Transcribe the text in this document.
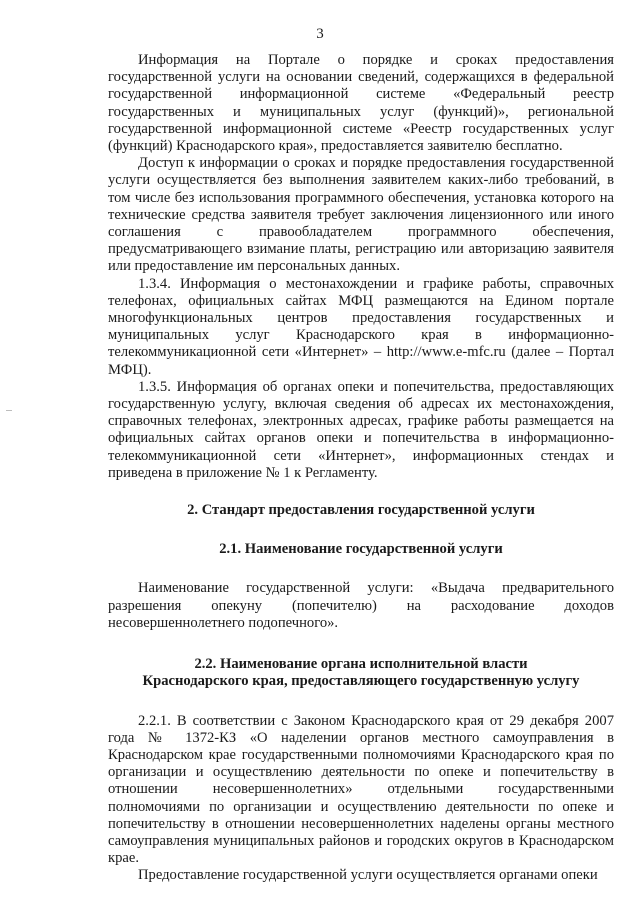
3

Информация на Портале о порядке и сроках предоставления государственной услуги на основании сведений, содержащихся в федеральной государственной информационной системе «Федеральный реестр государственных и муниципальных услуг (функций)», региональной государственной информационной системе «Реестр государственных услуг (функций) Краснодарского края», предоставляется заявителю бесплатно.

Доступ к информации о сроках и порядке предоставления государственной услуги осуществляется без выполнения заявителем каких-либо требований, в том числе без использования программного обеспечения, установка которого на технические средства заявителя требует заключения лицензионного или иного соглашения с правообладателем программного обеспечения, предусматривающего взимание платы, регистрацию или авторизацию заявителя или предоставление им персональных данных.

1.3.4. Информация о местонахождении и графике работы, справочных телефонах, официальных сайтах МФЦ размещаются на Едином портале многофункциональных центров предоставления государственных и муниципальных услуг Краснодарского края в информационно-телекоммуникационной сети «Интернет» – http://www.e-mfc.ru (далее – Портал МФЦ).

1.3.5. Информация об органах опеки и попечительства, предоставляющих государственную услугу, включая сведения об адресах их местонахождения, справочных телефонах, электронных адресах, графике работы размещается на официальных сайтах органов опеки и попечительства в информационно-телекоммуникационной сети «Интернет», информационных стендах и приведена в приложение № 1 к Регламенту.

2. Стандарт предоставления государственной услуги
2.1. Наименование государственной услуги

Наименование государственной услуги: «Выдача предварительного разрешения опекуну (попечителю) на расходование доходов несовершеннолетнего подопечного».

2.2. Наименование органа исполнительной власти
Краснодарского края, предоставляющего государственную услугу

2.2.1. В соответствии с Законом Краснодарского края от 29 декабря 2007 года № 1372-КЗ «О наделении органов местного самоуправления в Краснодарском крае государственными полномочиями Краснодарского края по организации и осуществлению деятельности по опеке и попечительству в отношении несовершеннолетних» отдельными государственными полномочиями по организации и осуществлению деятельности по опеке и попечительству в отношении несовершеннолетних наделены органы местного самоуправления муниципальных районов и городских округов в Краснодарском крае.

Предоставление государственной услуги осуществляется органами опеки
